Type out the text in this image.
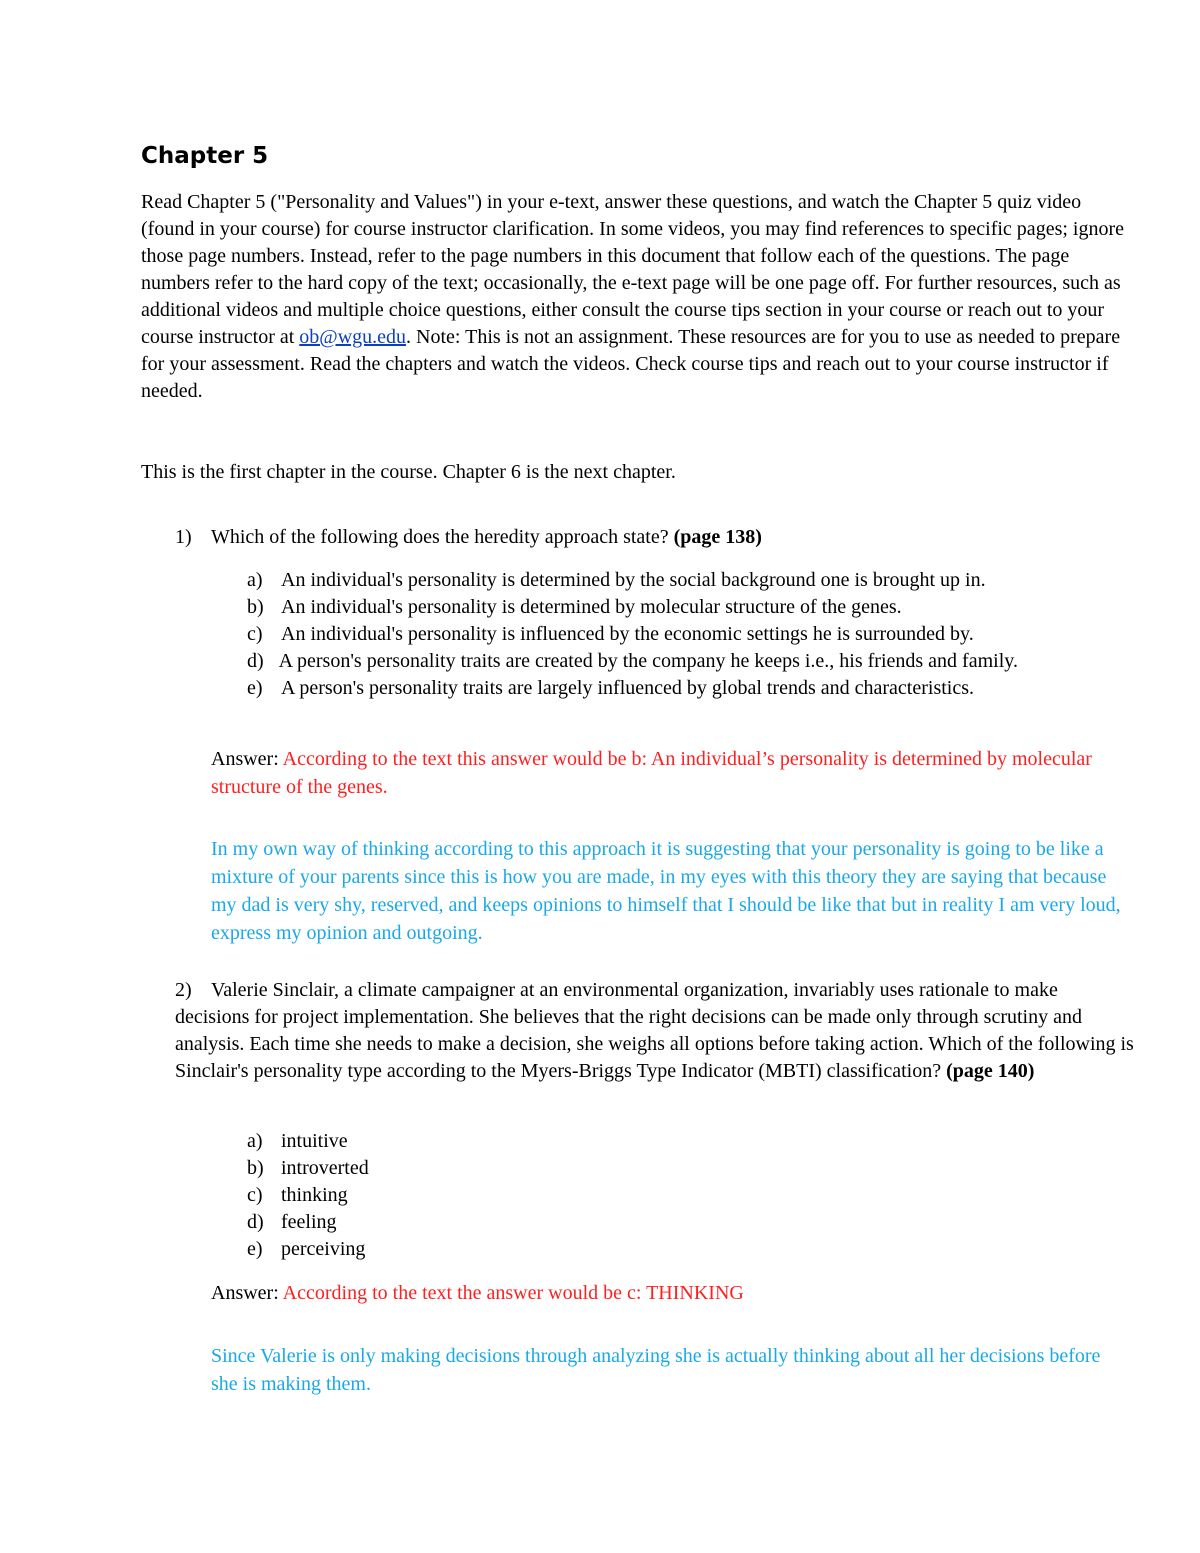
Chapter 5

Read Chapter 5 ("Personality and Values") in your e-text, answer these questions, and watch the Chapter 5 quiz video (found in your course) for course instructor clarification. In some videos, you may find references to specific pages; ignore those page numbers. Instead, refer to the page numbers in this document that follow each of the questions. The page numbers refer to the hard copy of the text; occasionally, the e-text page will be one page off. For further resources, such as additional videos and multiple choice questions, either consult the course tips section in your course or reach out to your course instructor at ob@wgu.edu. Note: This is not an assignment. These resources are for you to use as needed to prepare for your assessment. Read the chapters and watch the videos. Check course tips and reach out to your course instructor if needed.

This is the first chapter in the course. Chapter 6 is the next chapter.

1) Which of the following does the heredity approach state? (page 138)

a) An individual's personality is determined by the social background one is brought up in.
b) An individual's personality is determined by molecular structure of the genes.
c) An individual's personality is influenced by the economic settings he is surrounded by.
d) A person's personality traits are created by the company he keeps i.e., his friends and family.
e) A person's personality traits are largely influenced by global trends and characteristics.

Answer: According to the text this answer would be b: An individual’s personality is determined by molecular structure of the genes.

In my own way of thinking according to this approach it is suggesting that your personality is going to be like a mixture of your parents since this is how you are made, in my eyes with this theory they are saying that because my dad is very shy, reserved, and keeps opinions to himself that I should be like that but in reality I am very loud, express my opinion and outgoing.

2) Valerie Sinclair, a climate campaigner at an environmental organization, invariably uses rationale to make decisions for project implementation. She believes that the right decisions can be made only through scrutiny and analysis. Each time she needs to make a decision, she weighs all options before taking action. Which of the following is Sinclair's personality type according to the Myers-Briggs Type Indicator (MBTI) classification? (page 140)

a) intuitive
b) introverted
c) thinking
d) feeling
e) perceiving

Answer: According to the text the answer would be c: THINKING

Since Valerie is only making decisions through analyzing she is actually thinking about all her decisions before she is making them.
